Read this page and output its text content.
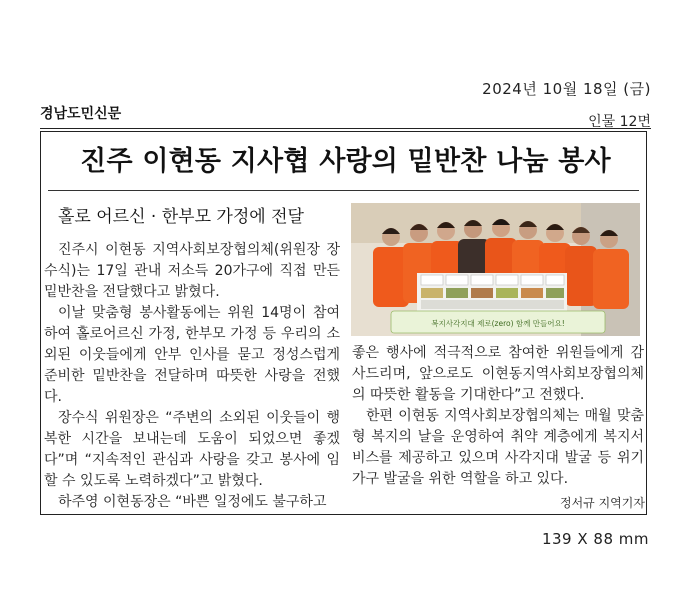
2024년 10월 18일 (금)
경남도민신문	인물 12면
진주 이현동 지사협 사랑의 밑반찬 나눔 봉사
홀로 어르신 · 한부모 가정에 전달

진주시 이현동 지역사회보장협의체(위원장 장수식)는 17일 관내 저소득 20가구에 직접 만든 밑반찬을 전달했다고 밝혔다.

이날 맞춤형 봉사활동에는 위원 14명이 참여하여 홀로어르신 가정, 한부모 가정 등 우리의 소외된 이웃들에게 안부 인사를 묻고 정성스럽게 준비한 밑반찬을 전달하며 따뜻한 사랑을 전했다.

장수식 위원장은 “주변의 소외된 이웃들이 행복한 시간을 보내는데 도움이 되었으면 좋겠다”며 “지속적인 관심과 사랑을 갖고 봉사에 임할 수 있도록 노력하겠다”고 밝혔다.

하주영 이현동장은 “바쁜 일정에도 불구하고

복지사각지대 제로(zero) 함께 만들어요!

좋은 행사에 적극적으로 참여한 위원들에게 감사드리며, 앞으로도 이현동지역사회보장협의체의 따뜻한 활동을 기대한다”고 전했다.

한편 이현동 지역사회보장협의체는 매월 맞춤형 복지의 날을 운영하여 취약 계층에게 복지서비스를 제공하고 있으며 사각지대 발굴 등 위기가구 발굴을 위한 역할을 하고 있다.

정서규 지역기자
139 X 88 mm
